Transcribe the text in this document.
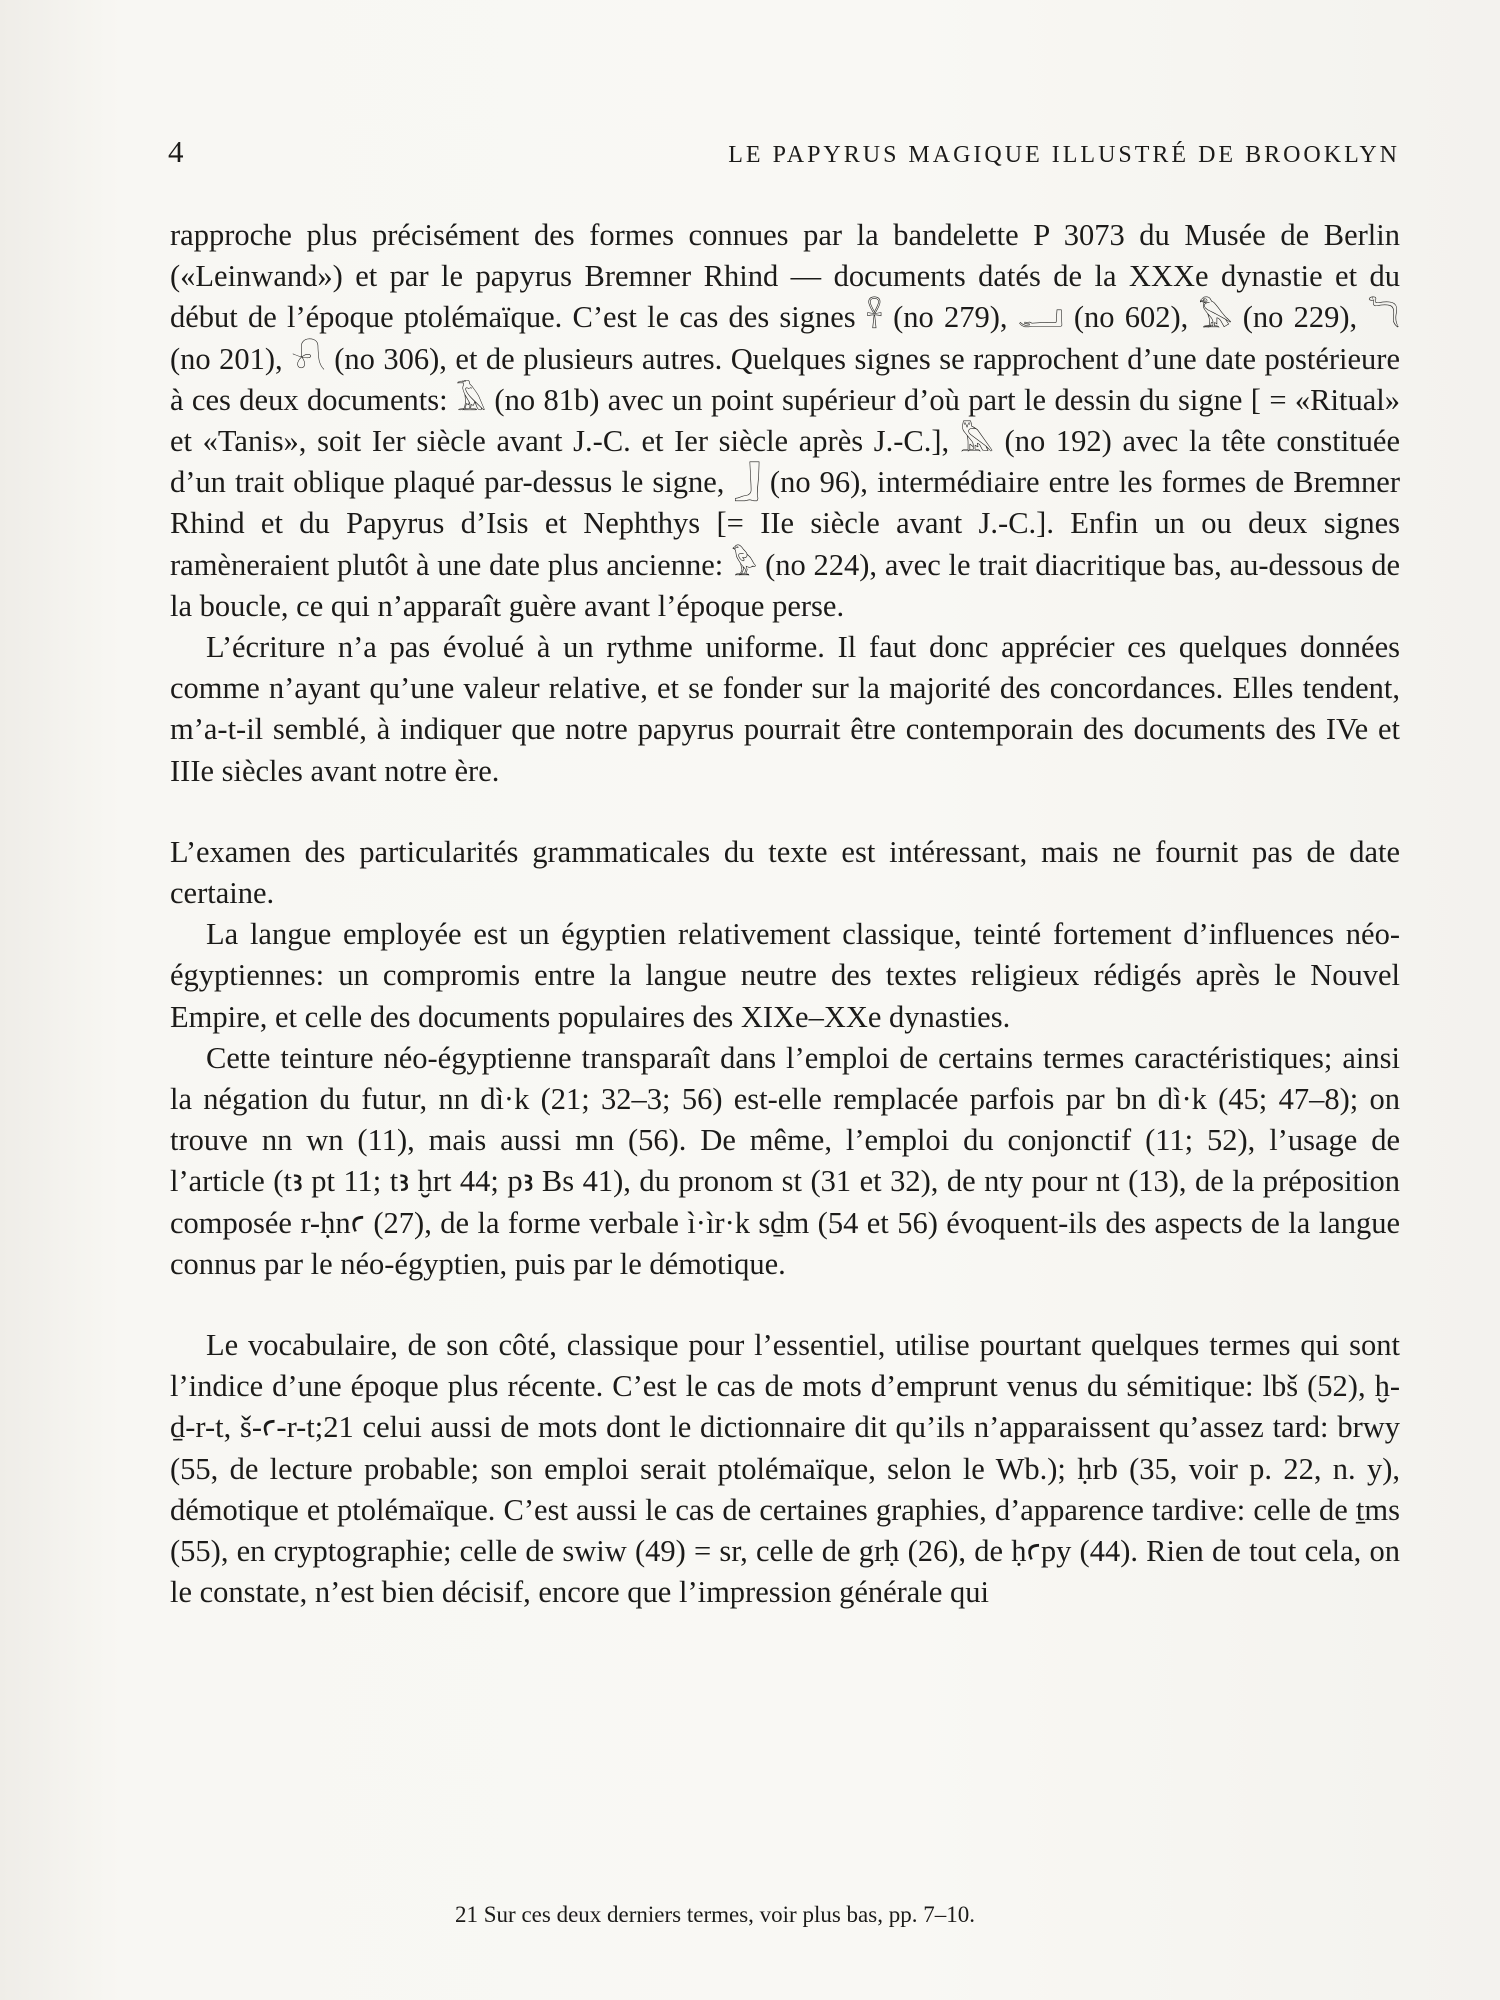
4	LE PAPYRUS MAGIQUE ILLUSTRÉ DE BROOKLYN

rapproche plus précisément des formes connues par la bandelette P 3073 du Musée de Berlin («Leinwand») et par le papyrus Bremner Rhind — documents datés de la XXXe dynastie et du début de l’époque ptolémaïque. C’est le cas des signes 𓋹 (no 279), 𓂝 (no 602), 𓅃 (no 229), 𓆓 (no 201), 𓍯 (no 306), et de plusieurs autres. Quelques signes se rapprochent d’une date postérieure à ces deux documents: 𓄿 (no 81b) avec un point supérieur d’où part le dessin du signe [ = «Ritual» et «Tanis», soit Ier siècle avant J.-C. et Ier siècle après J.-C.], 𓅓 (no 192) avec la tête constituée d’un trait oblique plaqué par-dessus le signe, 𓃀 (no 96), intermédiaire entre les formes de Bremner Rhind et du Papyrus d’Isis et Nephthys [= IIe siècle avant J.-C.]. Enfin un ou deux signes ramèneraient plutôt à une date plus ancienne: 𓅱 (no 224), avec le trait diacritique bas, au-dessous de la boucle, ce qui n’apparaît guère avant l’époque perse.

L’écriture n’a pas évolué à un rythme uniforme. Il faut donc apprécier ces quelques données comme n’ayant qu’une valeur relative, et se fonder sur la majorité des concordances. Elles tendent, m’a-t-il semblé, à indiquer que notre papyrus pourrait être contemporain des documents des IVe et IIIe siècles avant notre ère.

L’examen des particularités grammaticales du texte est intéressant, mais ne fournit pas de date certaine.

La langue employée est un égyptien relativement classique, teinté fortement d’influences néo-égyptiennes: un compromis entre la langue neutre des textes religieux rédigés après le Nouvel Empire, et celle des documents populaires des XIXe–XXe dynasties.

Cette teinture néo-égyptienne transparaît dans l’emploi de certains termes caractéristiques; ainsi la négation du futur, nn dì·k (21; 32–3; 56) est-elle remplacée parfois par bn dì·k (45; 47–8); on trouve nn wn (11), mais aussi mn (56). De même, l’emploi du conjonctif (11; 52), l’usage de l’article (tꜣ pt 11; tꜣ ḫrt 44; pꜣ Bs 41), du pronom st (31 et 32), de nty pour nt (13), de la préposition composée r-ḥnꜥ (27), de la forme verbale ì·ìr·k sḏm (54 et 56) évoquent-ils des aspects de la langue connus par le néo-égyptien, puis par le démotique.

Le vocabulaire, de son côté, classique pour l’essentiel, utilise pourtant quelques termes qui sont l’indice d’une époque plus récente. C’est le cas de mots d’emprunt venus du sémitique: lbš (52), ḫ-ḏ-r-t, š-ꜥ-r-t;21 celui aussi de mots dont le dictionnaire dit qu’ils n’apparaissent qu’assez tard: brwy (55, de lecture probable; son emploi serait ptolémaïque, selon le Wb.); ḥrb (35, voir p. 22, n. y), démotique et ptolémaïque. C’est aussi le cas de certaines graphies, d’apparence tardive: celle de ṯms (55), en cryptographie; celle de swiw (49) = sr, celle de grḥ (26), de ḥꜥpy (44). Rien de tout cela, on le constate, n’est bien décisif, encore que l’impression générale qui

21 Sur ces deux derniers termes, voir plus bas, pp. 7–10.
